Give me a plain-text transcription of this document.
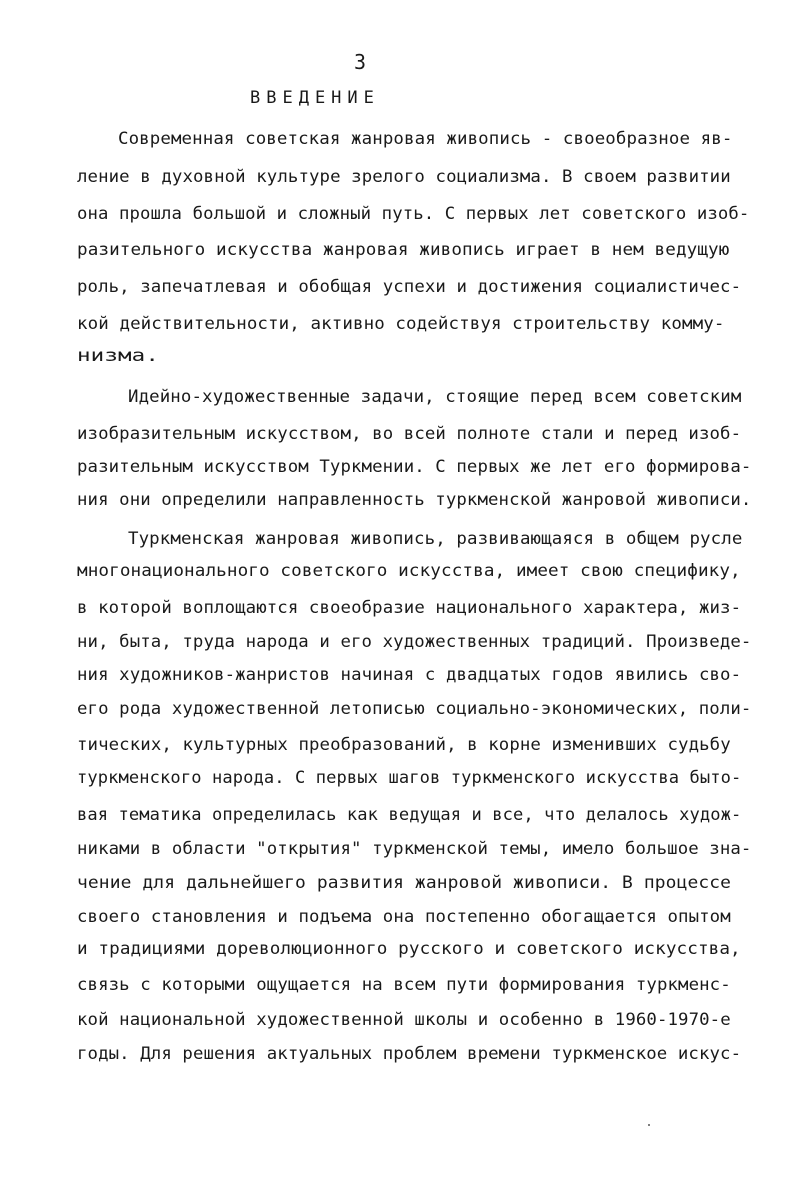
3
ВВЕДЕНИЕ
Современная советская жанровая живопись - своеобразное яв-
ление в духовной культуре зрелого социализма. В своем развитии
она прошла большой и сложный путь. С первых лет советского изоб-
разительного искусства жанровая живопись играет в нем ведущую
роль, запечатлевая и обобщая успехи и достижения социалистичес-
кой действительности, активно содействуя строительству комму-
низма.
Идейно-художественные задачи, стоящие перед всем советским
изобразительным искусством, во всей полноте стали и перед изоб-
разительным искусством Туркмении. С первых же лет его формирова-
ния они определили направленность туркменской жанровой живописи.
Туркменская жанровая живопись, развивающаяся в общем русле
многонационального советского искусства, имеет свою специфику,
в которой воплощаются своеобразие национального характера, жиз-
ни, быта, труда народа и его художественных традиций. Произведе-
ния художников-жанристов начиная с двадцатых годов явились сво-
его рода художественной летописью социально-экономических, поли-
тических, культурных преобразований, в корне изменивших судьбу
туркменского народа. С первых шагов туркменского искусства быто-
вая тематика определилась как ведущая и все, что делалось худож-
никами в области "открытия" туркменской темы, имело большое зна-
чение для дальнейшего развития жанровой живописи. В процессе
своего становления и подъема она постепенно обогащается опытом
и традициями дореволюционного русского и советского искусства,
связь с которыми ощущается на всем пути формирования туркменс-
кой национальной художественной школы и особенно в 1960-1970-е
годы. Для решения актуальных проблем времени туркменское искус-
